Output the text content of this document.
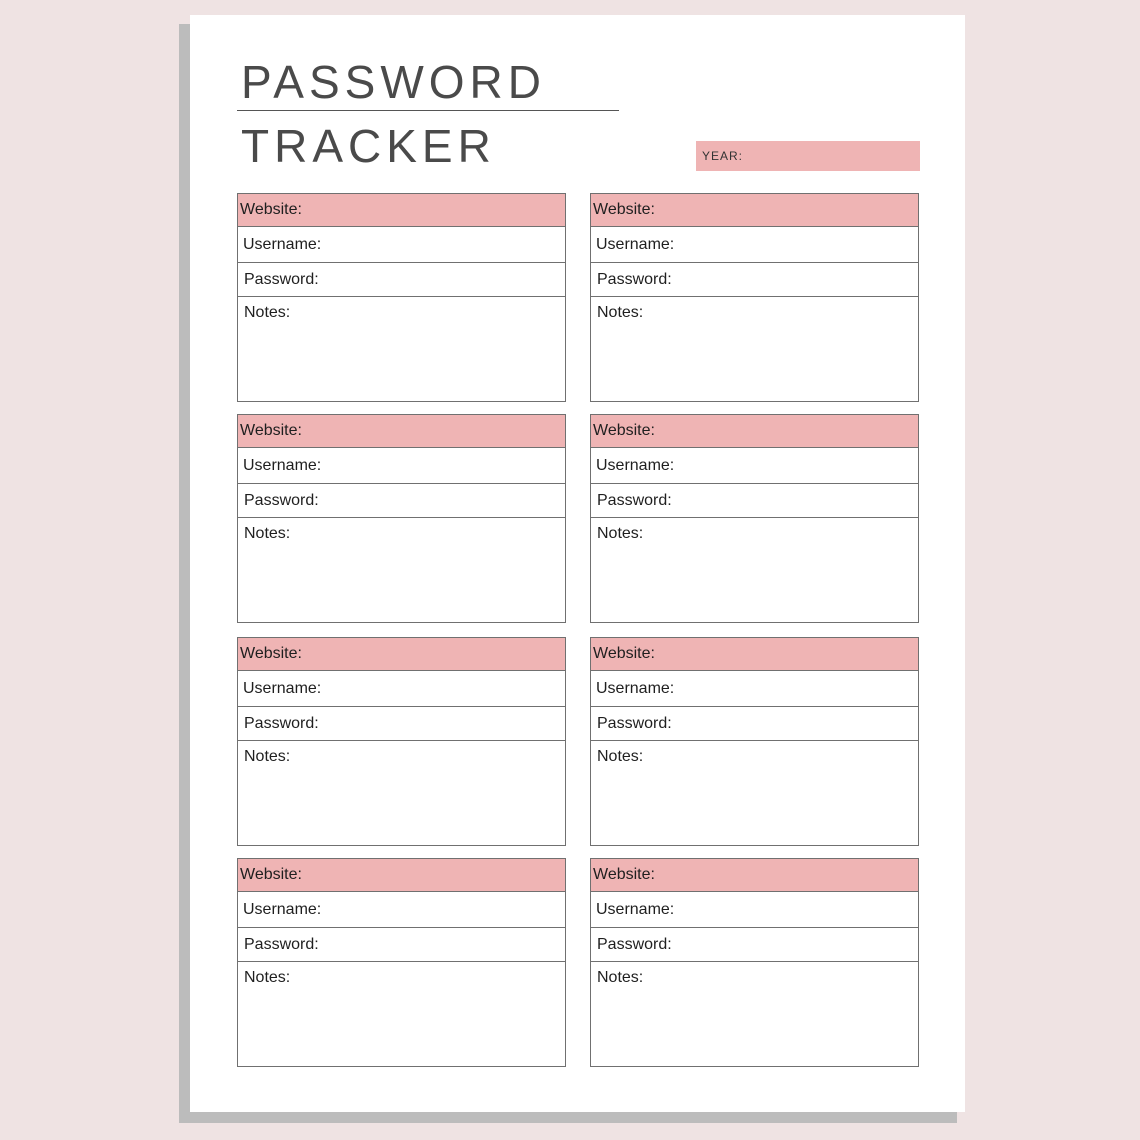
PASSWORD
TRACKER	YEAR:
Website:
Username:
Password:
Notes:
Website:
Username:
Password:
Notes:
Website:
Username:
Password:
Notes:
Website:
Username:
Password:
Notes:
Website:
Username:
Password:
Notes:
Website:
Username:
Password:
Notes:
Website:
Username:
Password:
Notes:
Website:
Username:
Password:
Notes:
